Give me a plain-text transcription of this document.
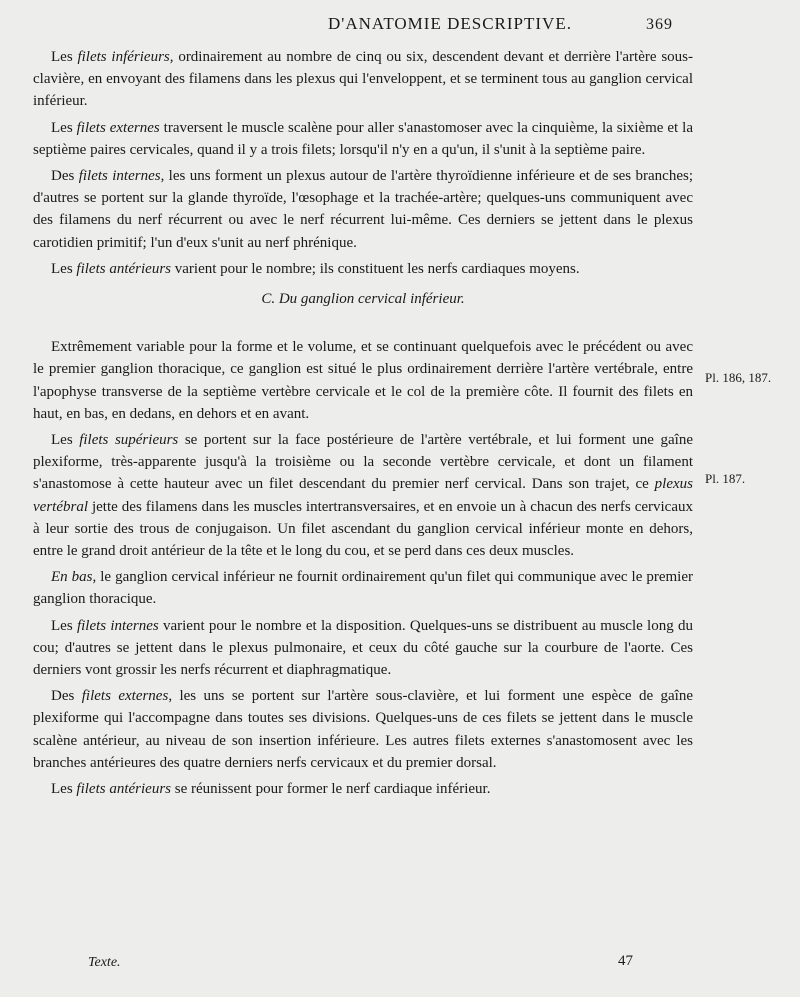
D'ANATOMIE DESCRIPTIVE.	369

Les filets inférieurs, ordinairement au nombre de cinq ou six, descendent devant et derrière l'artère sous-clavière, en envoyant des filamens dans les plexus qui l'enveloppent, et se terminent tous au ganglion cervical inférieur.

Les filets externes traversent le muscle scalène pour aller s'anastomoser avec la cinquième, la sixième et la septième paires cervicales, quand il y a trois filets; lorsqu'il n'y en a qu'un, il s'unit à la septième paire.

Des filets internes, les uns forment un plexus autour de l'artère thyroïdienne inférieure et de ses branches; d'autres se portent sur la glande thyroïde, l'œsophage et la trachée-artère; quelques-uns communiquent avec des filamens du nerf récurrent ou avec le nerf récurrent lui-même. Ces derniers se jettent dans le plexus carotidien primitif; l'un d'eux s'unit au nerf phrénique.

Les filets antérieurs varient pour le nombre; ils constituent les nerfs cardiaques moyens.

C. Du ganglion cervical inférieur.

Extrêmement variable pour la forme et le volume, et se continuant quelquefois avec le précédent ou avec le premier ganglion thoracique, ce ganglion est situé le plus ordinairement derrière l'artère vertébrale, entre l'apophyse transverse de la septième vertèbre cervicale et le col de la première côte. Il fournit des filets en haut, en bas, en dedans, en dehors et en avant.

Les filets supérieurs se portent sur la face postérieure de l'artère vertébrale, et lui forment une gaîne plexiforme, très-apparente jusqu'à la troisième ou la seconde vertèbre cervicale, et dont un filament s'anastomose à cette hauteur avec un filet descendant du premier nerf cervical. Dans son trajet, ce plexus vertébral jette des filamens dans les muscles intertransversaires, et en envoie un à chacun des nerfs cervicaux à leur sortie des trous de conjugaison. Un filet ascendant du ganglion cervical inférieur monte en dehors, entre le grand droit antérieur de la tête et le long du cou, et se perd dans ces deux muscles.

En bas, le ganglion cervical inférieur ne fournit ordinairement qu'un filet qui communique avec le premier ganglion thoracique.

Les filets internes varient pour le nombre et la disposition. Quelques-uns se distribuent au muscle long du cou; d'autres se jettent dans le plexus pulmonaire, et ceux du côté gauche sur la courbure de l'aorte. Ces derniers vont grossir les nerfs récurrent et diaphragmatique.

Des filets externes, les uns se portent sur l'artère sous-clavière, et lui forment une espèce de gaîne plexiforme qui l'accompagne dans toutes ses divisions. Quelques-uns de ces filets se jettent dans le muscle scalène antérieur, au niveau de son insertion inférieure. Les autres filets externes s'anastomosent avec les branches antérieures des quatre derniers nerfs cervicaux et du premier dorsal.

Les filets antérieurs se réunissent pour former le nerf cardiaque inférieur.

Pl. 186, 187.
Pl. 187.
Texte.	47
